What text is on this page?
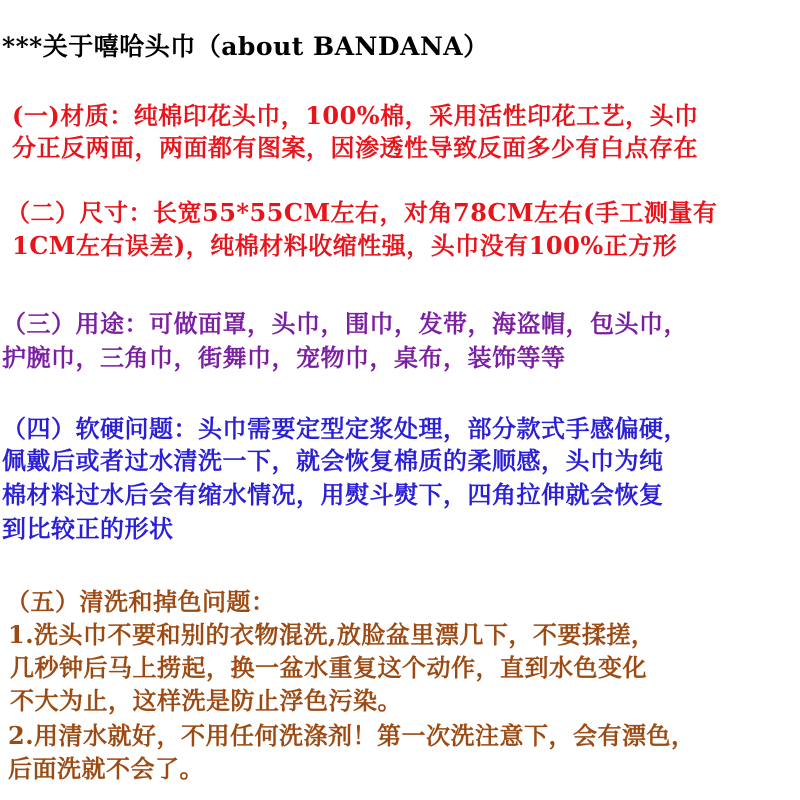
***关于嘻哈头巾（about BANDANA）
(一)材质：纯棉印花头巾，100%棉，采用活性印花工艺，头巾
分正反两面，两面都有图案，因渗透性导致反面多少有白点存在
（二）尺寸：长宽55*55CM左右，对角78CM左右(手工测量有
1CM左右误差)，纯棉材料收缩性强，头巾没有100%正方形
（三）用途：可做面罩，头巾，围巾，发带，海盗帽，包头巾，
护腕巾，三角巾，街舞巾，宠物巾，桌布，装饰等等
（四）软硬问题：头巾需要定型定浆处理，部分款式手感偏硬，
佩戴后或者过水清洗一下，就会恢复棉质的柔顺感，头巾为纯
棉材料过水后会有缩水情况，用熨斗熨下，四角拉伸就会恢复
到比较正的形状
（五）清洗和掉色问题：
1.洗头巾不要和别的衣物混洗,放脸盆里漂几下，不要揉搓，
几秒钟后马上捞起，换一盆水重复这个动作，直到水色变化
不大为止，这样洗是防止浮色污染。
2.用清水就好，不用任何洗涤剂！第一次洗注意下，会有漂色，
后面洗就不会了。
